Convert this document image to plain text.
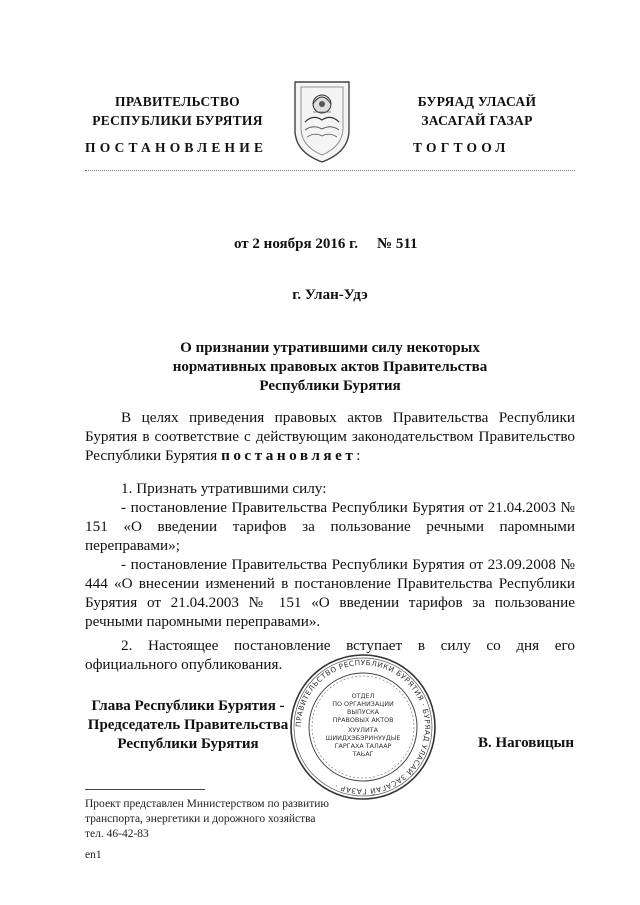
ПРАВИТЕЛЬСТВО
РЕСПУБЛИКИ БУРЯТИЯ
БУРЯАД УЛАСАЙ
ЗАСАГАЙ ГАЗАР
ПОСТАНОВЛЕНИЕ	ТОГТООЛ
от 2 ноября 2016 г. № 511
г. Улан-Удэ
О признании утратившими силу некоторых
нормативных правовых актов Правительства
Республики Бурятия

В целях приведения правовых актов Правительства Республики Бурятия в соответствие с действующим законодательством Правительство Республики Бурятия постановляет:

1. Признать утратившими силу:

- постановление Правительства Республики Бурятия от 21.04.2003 № 151 «О введении тарифов за пользование речными паромными переправами»;

- постановление Правительства Республики Бурятия от 23.09.2008 № 444 «О внесении изменений в постановление Правительства Республики Бурятия от 21.04.2003 № 151 «О введении тарифов за пользование речными паромными переправами».

2. Настоящее постановление вступает в силу со дня его официального опубликования.

Глава Республики Бурятия -
Председатель Правительства
Республики Бурятия	В. Наговицын
ПРАВИТЕЛЬСТВО РЕСПУБЛИКИ БУРЯТИЯ · БУРЯАД УЛАСАЙ ЗАСАГАЙ ГАЗАР ·
ОТДЕЛ
ПО ОРГАНИЗАЦИИ
ВЫПУСКА
ПРАВОВЫХ АКТОВ
ХУУЛИТА
ШИИДХЭБЭРИНУУДЫЕ
ГАРГАХА ТАЛААР
ТАЬАГ
Проект представлен Министерством по развитию
транспорта, энергетики и дорожного хозяйства
тел. 46-42-83
en1
